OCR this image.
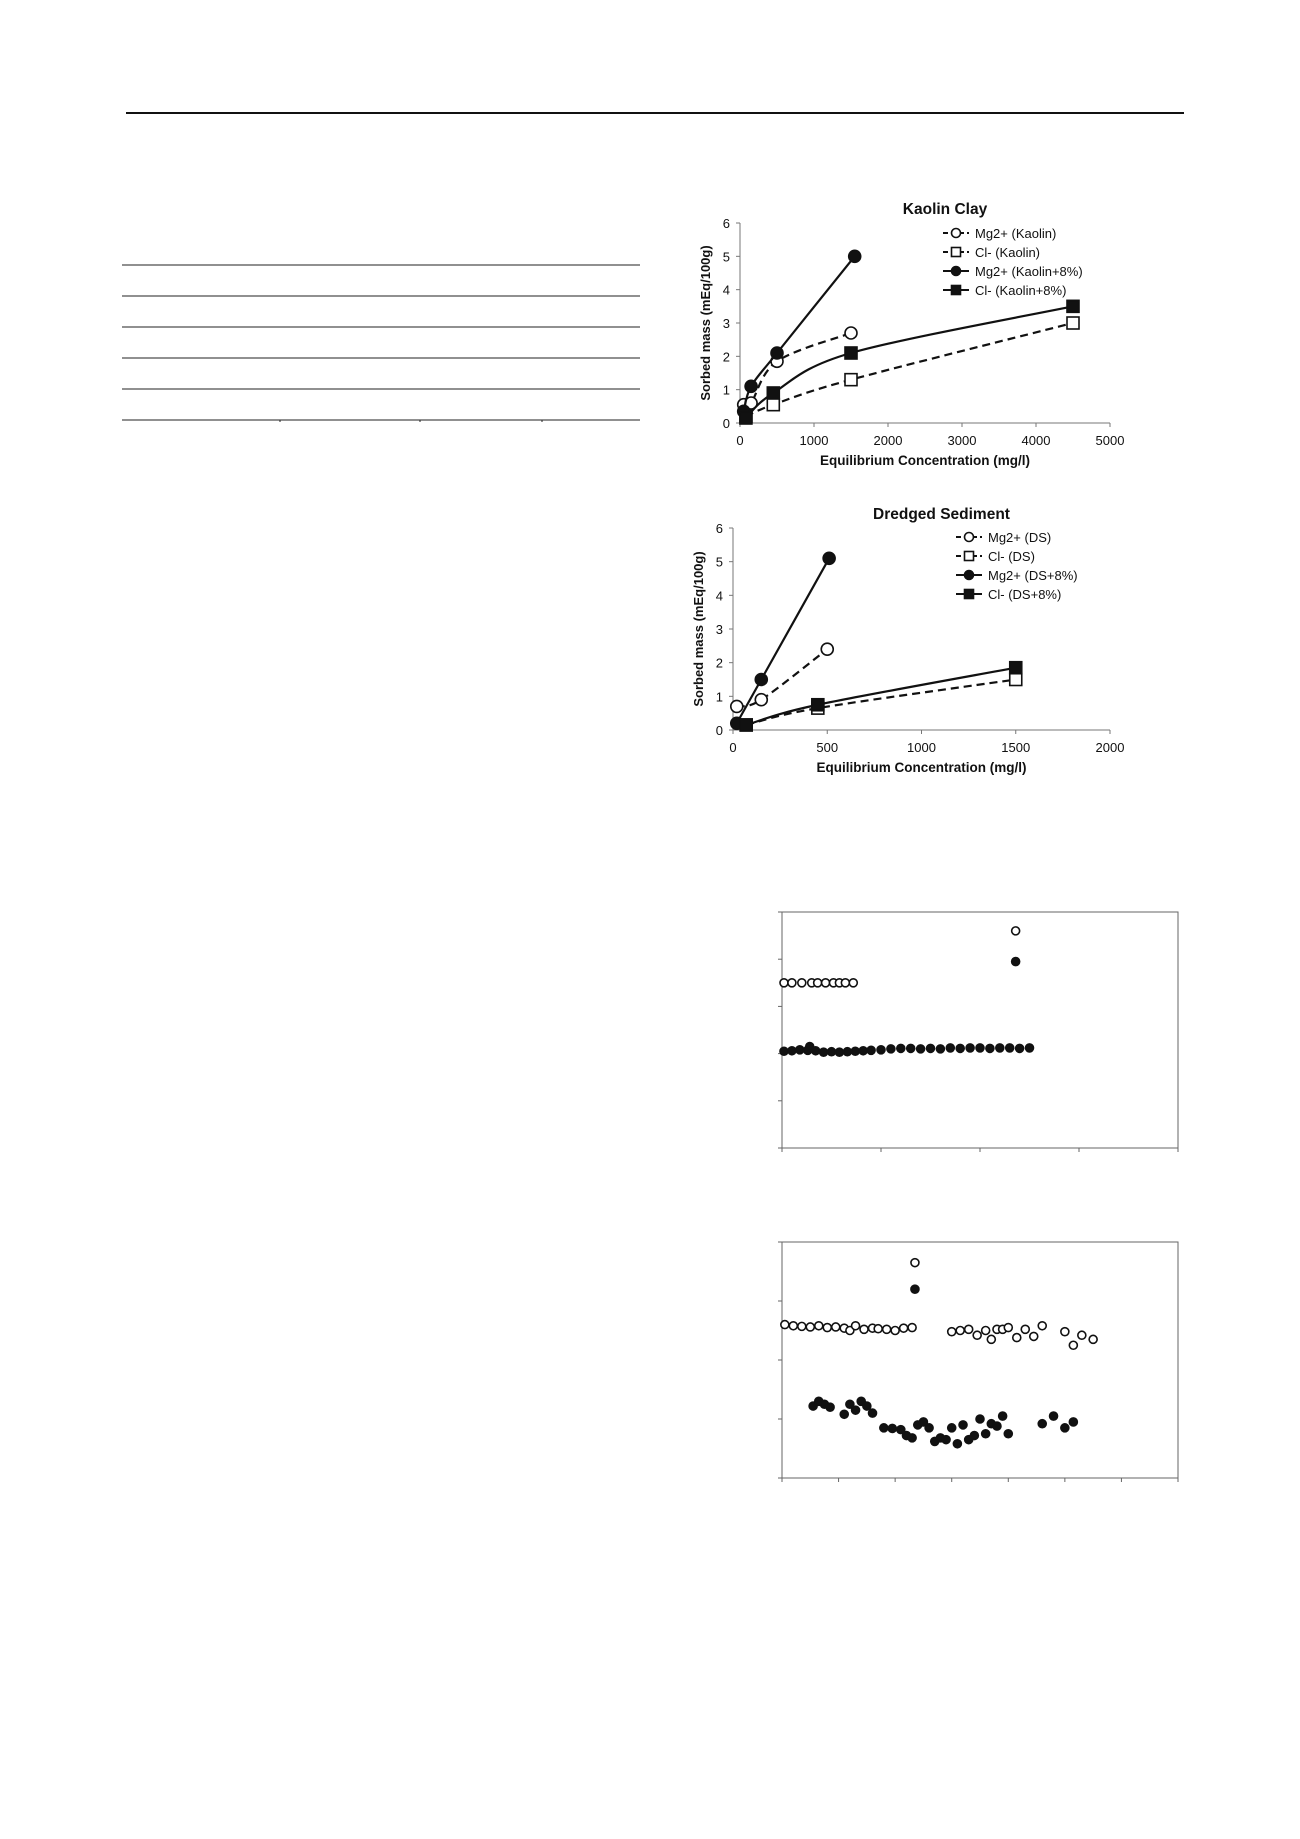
Kaolin Clay
0
1
2
3
4
5
6
0	1000	2000	3000	4000	5000
Equilibrium Concentration (mg/l)
Sorbed mass (mEq/100g)
Mg2+ (Kaolin)
Cl- (Kaolin)
Mg2+ (Kaolin+8%)
Cl- (Kaolin+8%)
Dredged Sediment
0
1
2
3
4
5
6
0	500	1000	1500	2000
Equilibrium Concentration (mg/l)
Sorbed mass (mEq/100g)
Mg2+ (DS)
Cl- (DS)
Mg2+ (DS+8%)
Cl- (DS+8%)
